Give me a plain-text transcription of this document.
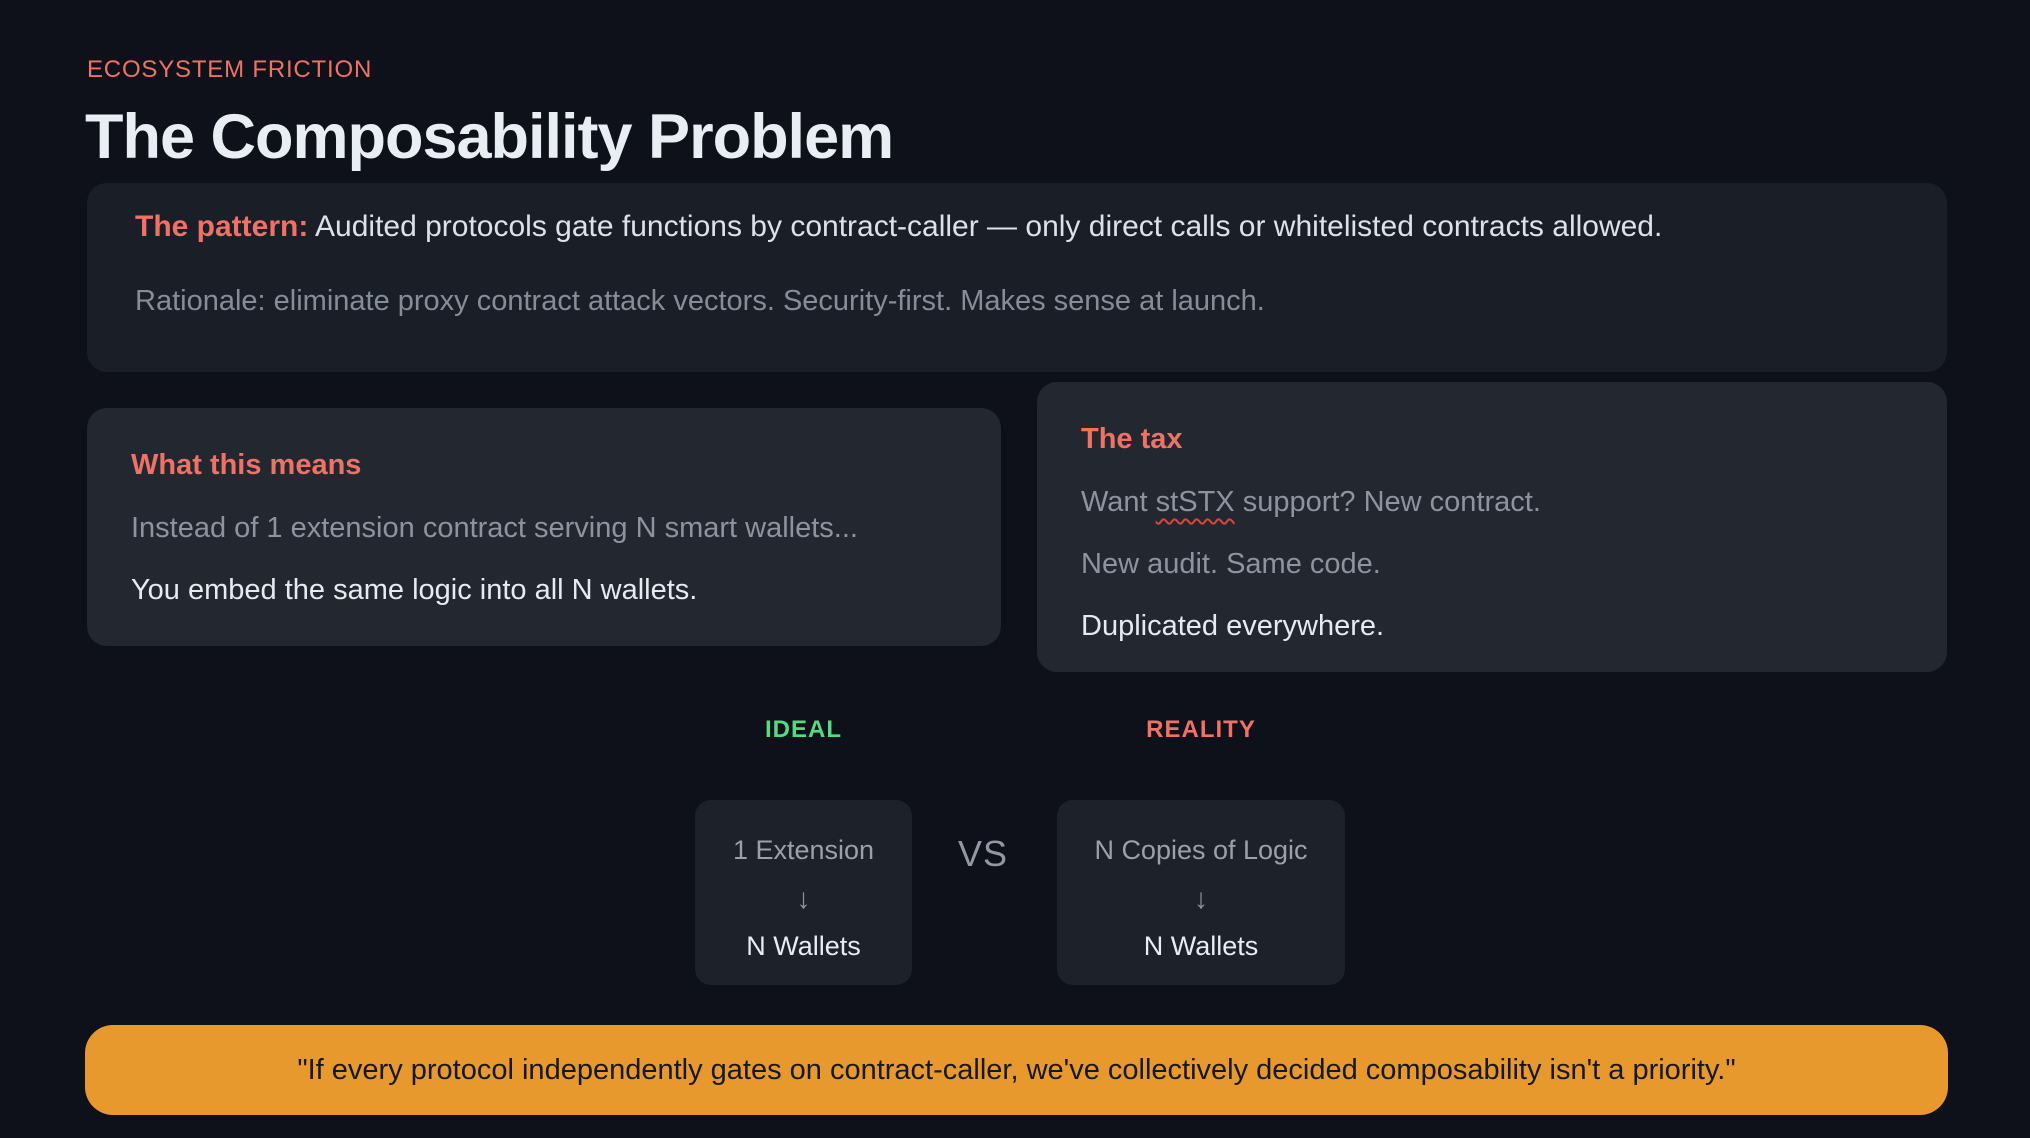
ECOSYSTEM FRICTION
The Composability Problem
The pattern: Audited protocols gate functions by contract-caller — only direct calls or whitelisted contracts allowed.
Rationale: eliminate proxy contract attack vectors. Security-first. Makes sense at launch.
What this means
Instead of 1 extension contract serving N smart wallets...
You embed the same logic into all N wallets.
The tax
Want stSTX support? New contract.
New audit. Same code.
Duplicated everywhere.
IDEAL	REALITY
1 Extension
↓
N Wallets
VS	N Copies of Logic
↓
N Wallets
"If every protocol independently gates on contract-caller, we've collectively decided composability isn't a priority."
